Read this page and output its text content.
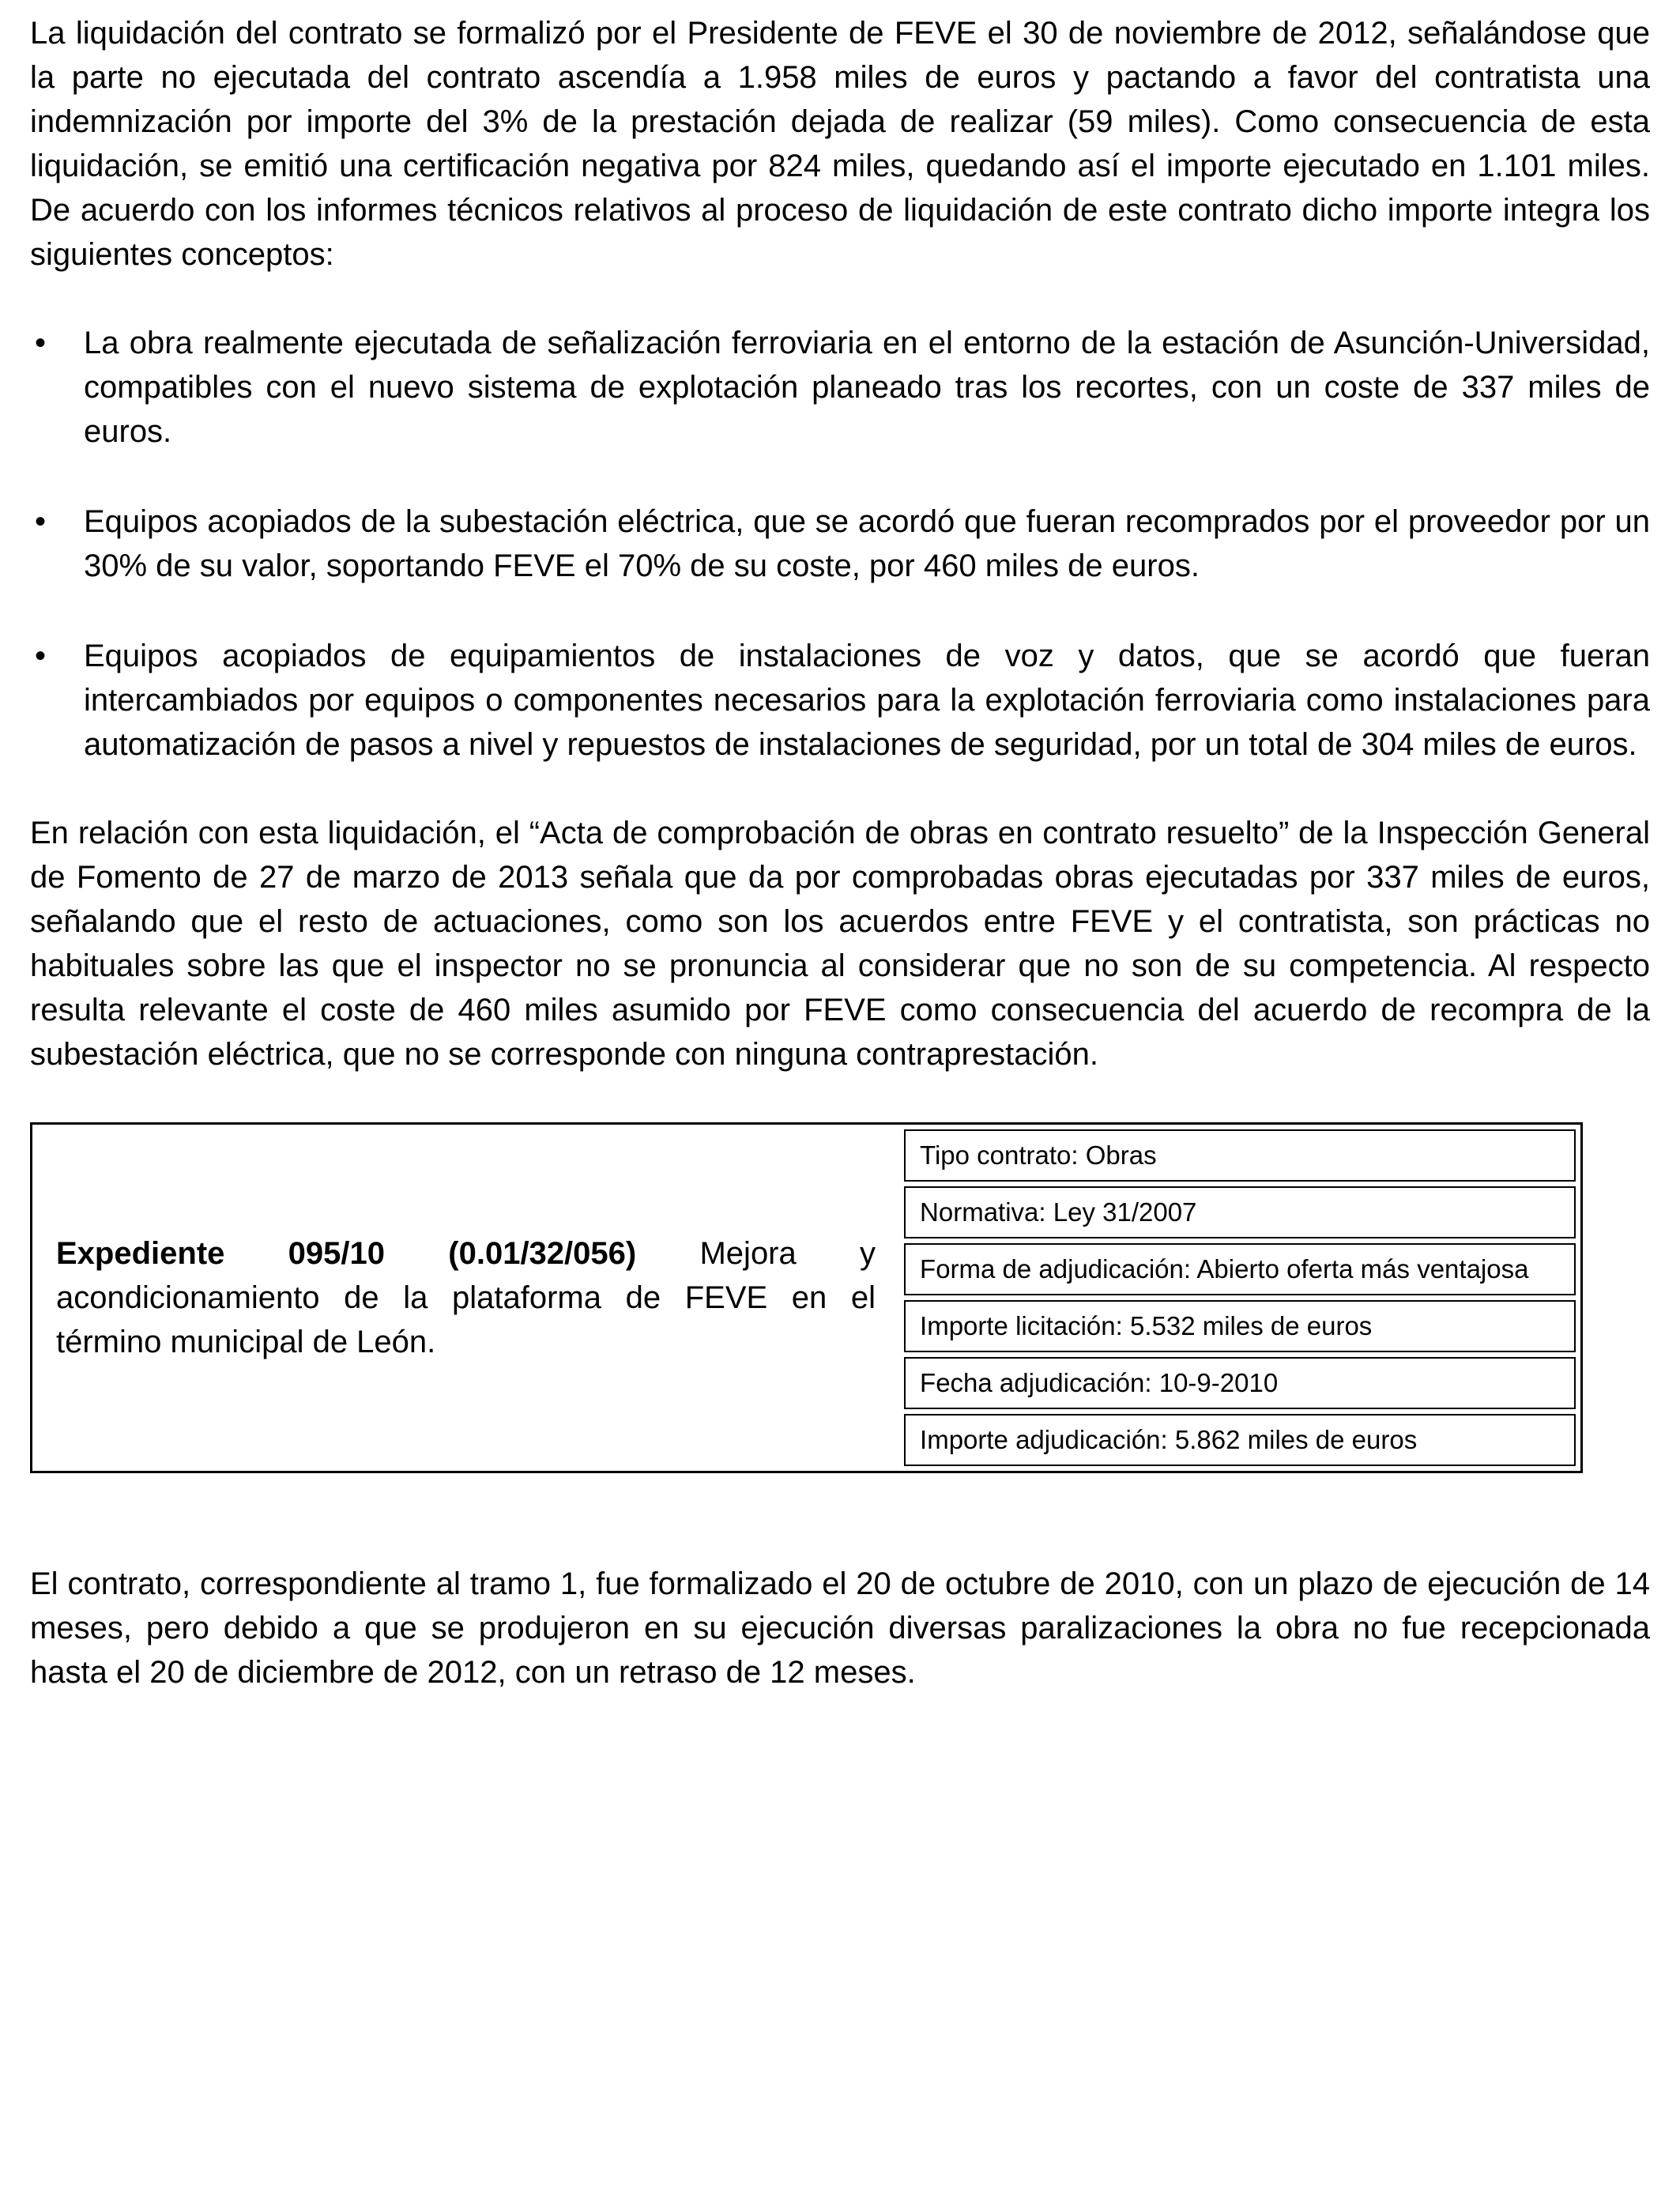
La liquidación del contrato se formalizó por el Presidente de FEVE el 30 de noviembre de 2012, señalándose que la parte no ejecutada del contrato ascendía a 1.958 miles de euros y pactando a favor del contratista una indemnización por importe del 3% de la prestación dejada de realizar (59 miles). Como consecuencia de esta liquidación, se emitió una certificación negativa por 824 miles, quedando así el importe ejecutado en 1.101 miles. De acuerdo con los informes técnicos relativos al proceso de liquidación de este contrato dicho importe integra los siguientes conceptos:

• La obra realmente ejecutada de señalización ferroviaria en el entorno de la estación de Asunción-Universidad, compatibles con el nuevo sistema de explotación planeado tras los recortes, con un coste de 337 miles de euros.
• Equipos acopiados de la subestación eléctrica, que se acordó que fueran recomprados por el proveedor por un 30% de su valor, soportando FEVE el 70% de su coste, por 460 miles de euros.
• Equipos acopiados de equipamientos de instalaciones de voz y datos, que se acordó que fueran intercambiados por equipos o componentes necesarios para la explotación ferroviaria como instalaciones para automatización de pasos a nivel y repuestos de instalaciones de seguridad, por un total de 304 miles de euros.

En relación con esta liquidación, el “Acta de comprobación de obras en contrato resuelto” de la Inspección General de Fomento de 27 de marzo de 2013 señala que da por comprobadas obras ejecutadas por 337 miles de euros, señalando que el resto de actuaciones, como son los acuerdos entre FEVE y el contratista, son prácticas no habituales sobre las que el inspector no se pronuncia al considerar que no son de su competencia. Al respecto resulta relevante el coste de 460 miles asumido por FEVE como consecuencia del acuerdo de recompra de la subestación eléctrica, que no se corresponde con ninguna contraprestación.

Expediente 095/10 (0.01/32/056) Mejora y acondicionamiento de la plataforma de FEVE en el término municipal de León.

Tipo contrato: Obras
Normativa: Ley 31/2007
Forma de adjudicación: Abierto oferta más ventajosa
Importe licitación: 5.532 miles de euros
Fecha adjudicación: 10-9-2010
Importe adjudicación: 5.862 miles de euros

El contrato, correspondiente al tramo 1, fue formalizado el 20 de octubre de 2010, con un plazo de ejecución de 14 meses, pero debido a que se produjeron en su ejecución diversas paralizaciones la obra no fue recepcionada hasta el 20 de diciembre de 2012, con un retraso de 12 meses.
